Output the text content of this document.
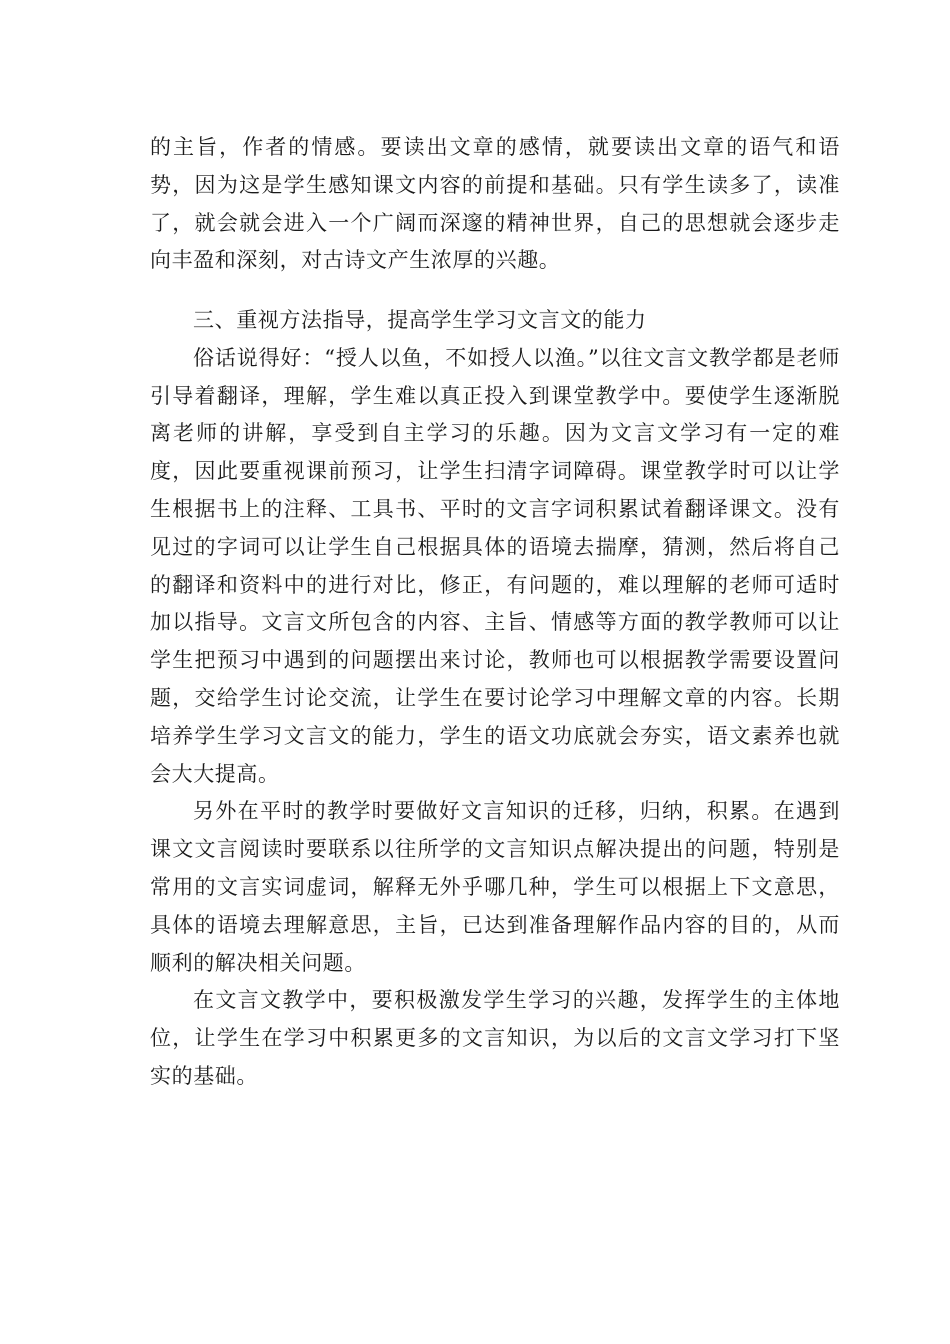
的主旨，作者的情感。要读出文章的感情，就要读出文章的语气和语势，因为这是学生感知课文内容的前提和基础。只有学生读多了，读准了，就会就会进入一个广阔而深邃的精神世界，自己的思想就会逐步走向丰盈和深刻，对古诗文产生浓厚的兴趣。

三、重视方法指导，提高学生学习文言文的能力

俗话说得好：“授人以鱼，不如授人以渔。”以往文言文教学都是老师引导着翻译，理解，学生难以真正投入到课堂教学中。要使学生逐渐脱离老师的讲解，享受到自主学习的乐趣。因为文言文学习有一定的难度，因此要重视课前预习，让学生扫清字词障碍。课堂教学时可以让学生根据书上的注释、工具书、平时的文言字词积累试着翻译课文。没有见过的字词可以让学生自己根据具体的语境去揣摩，猜测，然后将自己的翻译和资料中的进行对比，修正，有问题的，难以理解的老师可适时加以指导。文言文所包含的内容、主旨、情感等方面的教学教师可以让学生把预习中遇到的问题摆出来讨论，教师也可以根据教学需要设置问题，交给学生讨论交流，让学生在要讨论学习中理解文章的内容。长期培养学生学习文言文的能力，学生的语文功底就会夯实，语文素养也就会大大提高。

另外在平时的教学时要做好文言知识的迁移，归纳，积累。在遇到课文文言阅读时要联系以往所学的文言知识点解决提出的问题，特别是常用的文言实词虚词，解释无外乎哪几种，学生可以根据上下文意思，具体的语境去理解意思，主旨，已达到准备理解作品内容的目的，从而顺利的解决相关问题。

在文言文教学中，要积极激发学生学习的兴趣，发挥学生的主体地位，让学生在学习中积累更多的文言知识，为以后的文言文学习打下坚实的基础。
